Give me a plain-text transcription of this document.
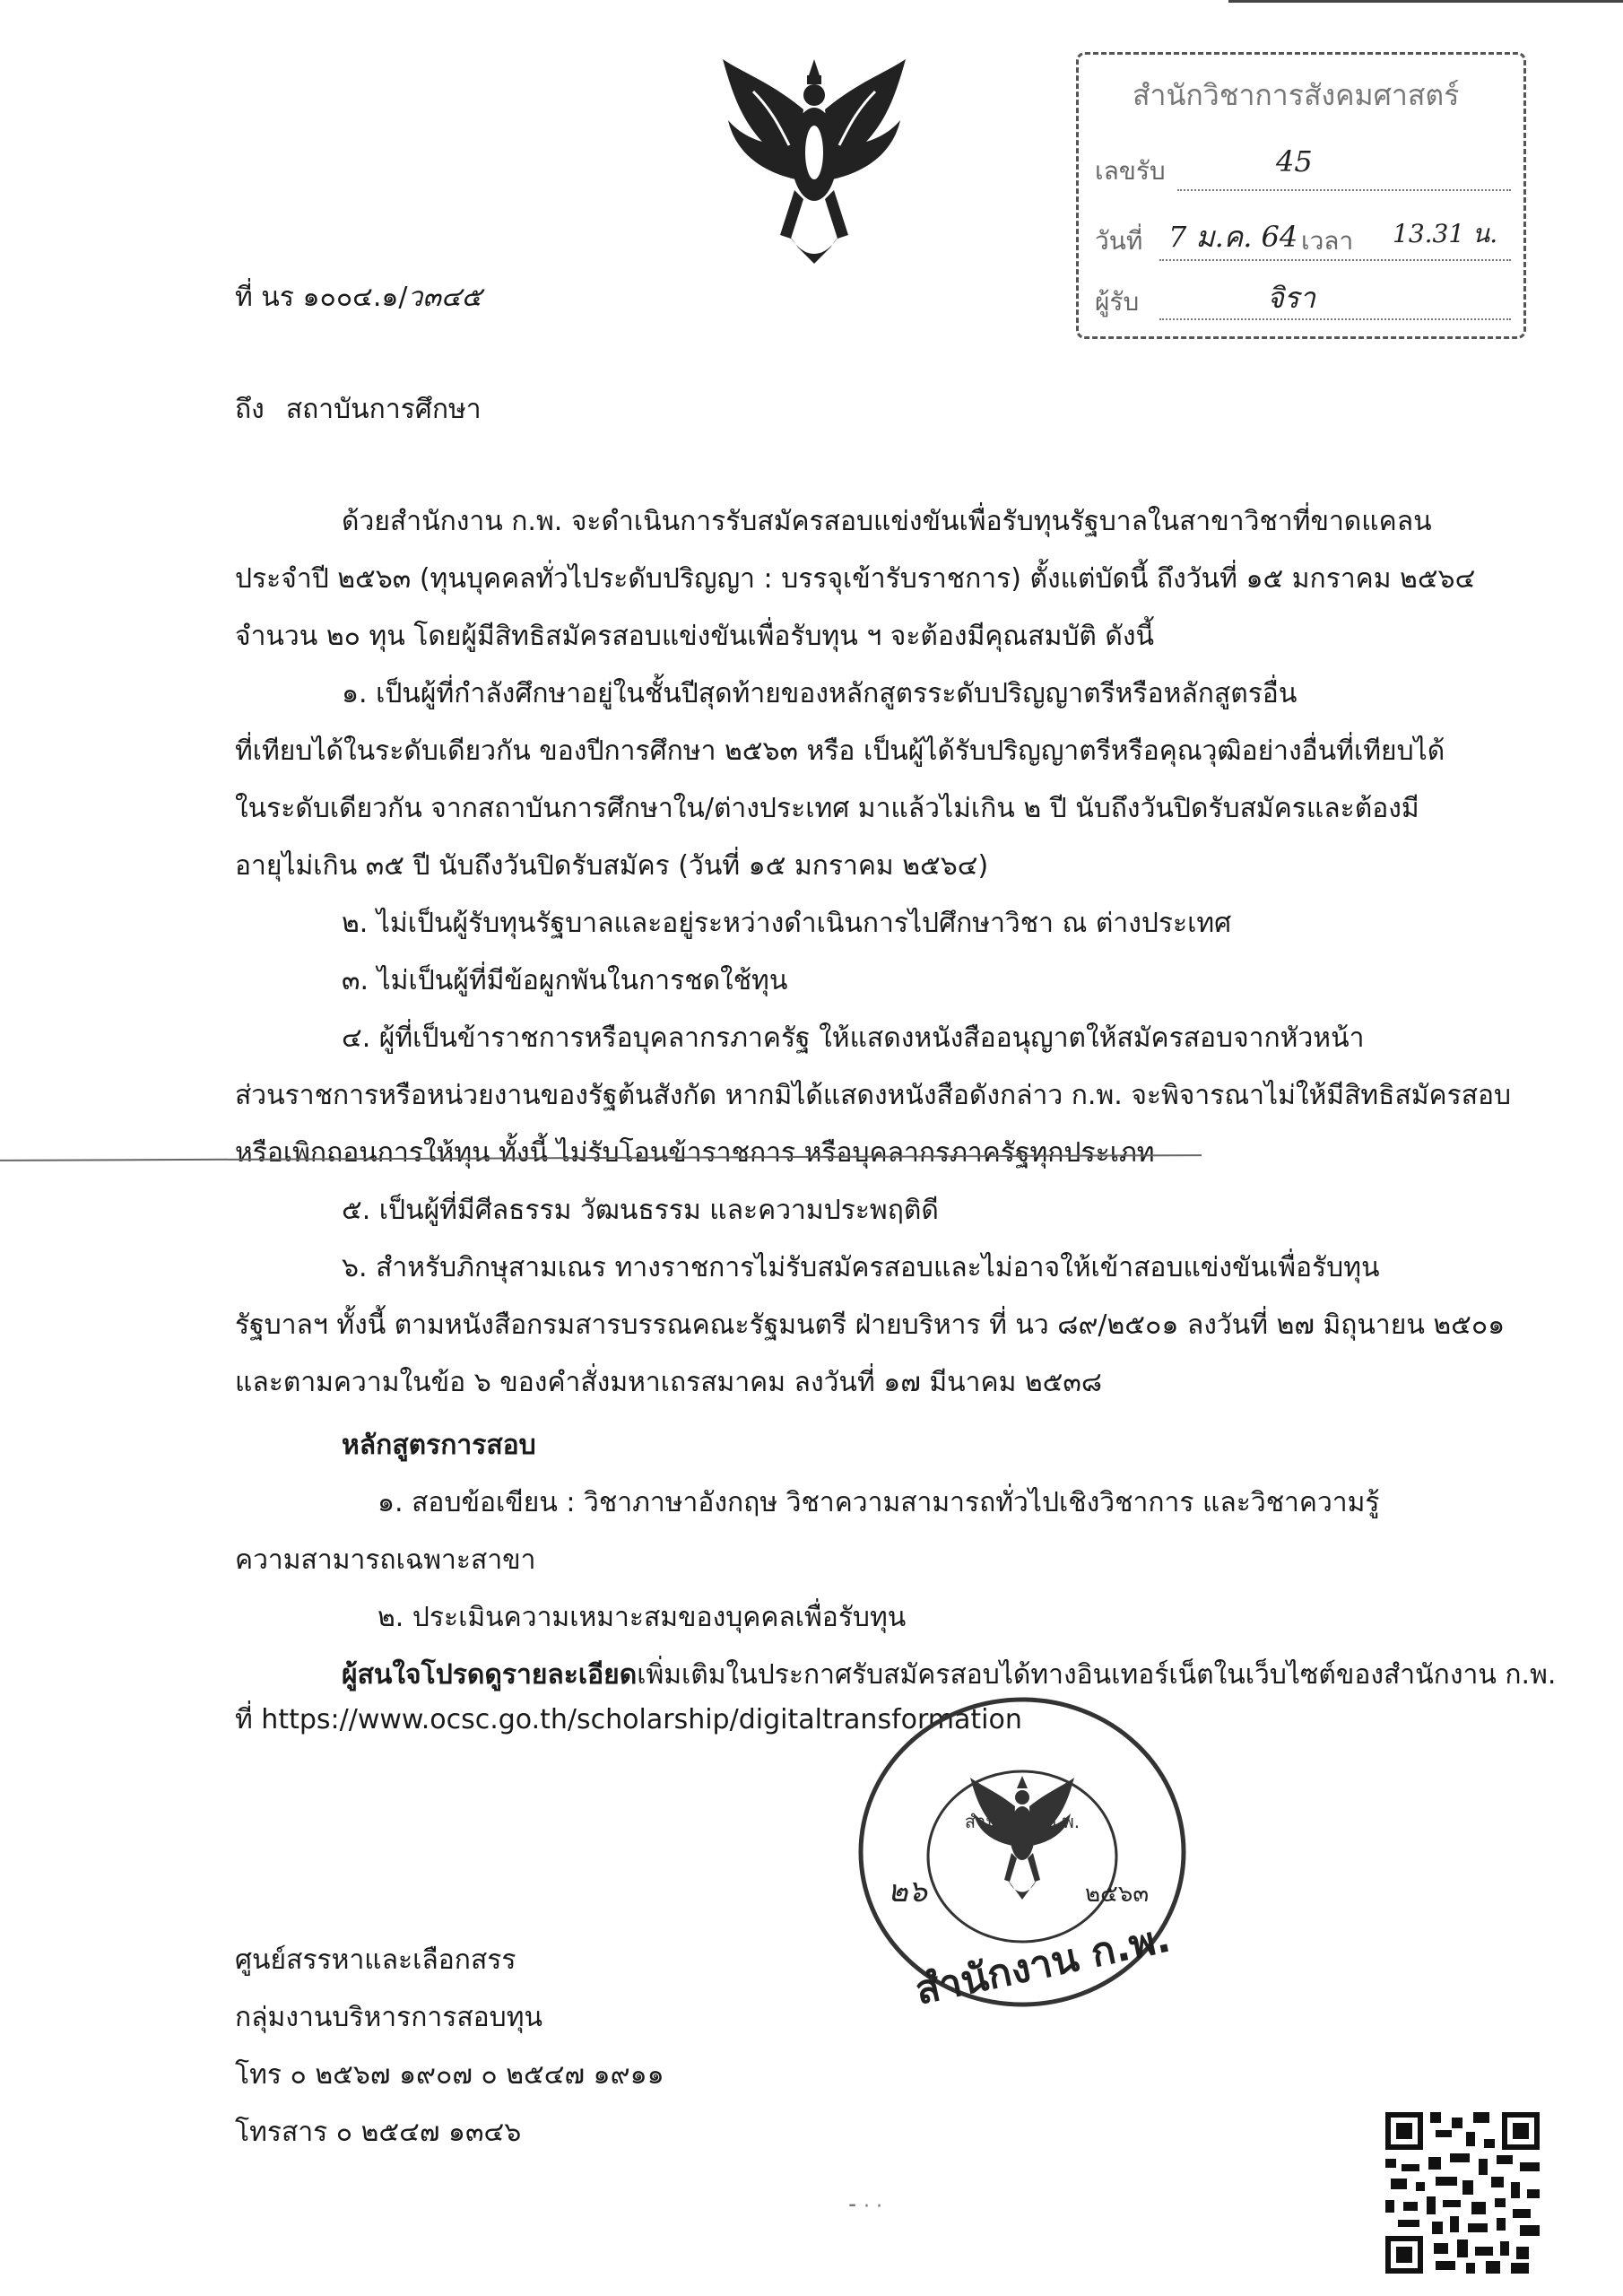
สำนักวิชาการสังคมศาสตร์
เลขรับ	45
วันที่ 7 ม.ค. 64 เวลา 13.31 น.
ผู้รับ	จิรา
ที่ นร ๑๐๐๔.๑/ว๓๔๕
ถึง สถาบันการศึกษา
ด้วยสำนักงาน ก.พ. จะดำเนินการรับสมัครสอบแข่งขันเพื่อรับทุนรัฐบาลในสาขาวิชาที่ขาดแคลน
ประจำปี ๒๕๖๓ (ทุนบุคคลทั่วไประดับปริญญา : บรรจุเข้ารับราชการ) ตั้งแต่บัดนี้ ถึงวันที่ ๑๕ มกราคม ๒๕๖๔
จำนวน ๒๐ ทุน โดยผู้มีสิทธิสมัครสอบแข่งขันเพื่อรับทุน ฯ จะต้องมีคุณสมบัติ ดังนี้
๑. เป็นผู้ที่กำลังศึกษาอยู่ในชั้นปีสุดท้ายของหลักสูตรระดับปริญญาตรีหรือหลักสูตรอื่น
ที่เทียบได้ในระดับเดียวกัน ของปีการศึกษา ๒๕๖๓ หรือ เป็นผู้ได้รับปริญญาตรีหรือคุณวุฒิอย่างอื่นที่เทียบได้
ในระดับเดียวกัน จากสถาบันการศึกษาใน/ต่างประเทศ มาแล้วไม่เกิน ๒ ปี นับถึงวันปิดรับสมัครและต้องมี
อายุไม่เกิน ๓๕ ปี นับถึงวันปิดรับสมัคร (วันที่ ๑๕ มกราคม ๒๕๖๔)
๒. ไม่เป็นผู้รับทุนรัฐบาลและอยู่ระหว่างดำเนินการไปศึกษาวิชา ณ ต่างประเทศ
๓. ไม่เป็นผู้ที่มีข้อผูกพันในการชดใช้ทุน
๔. ผู้ที่เป็นข้าราชการหรือบุคลากรภาครัฐ ให้แสดงหนังสืออนุญาตให้สมัครสอบจากหัวหน้า
ส่วนราชการหรือหน่วยงานของรัฐต้นสังกัด หากมิได้แสดงหนังสือดังกล่าว ก.พ. จะพิจารณาไม่ให้มีสิทธิสมัครสอบ
หรือเพิกถอนการให้ทุน ทั้งนี้ ไม่รับโอนข้าราชการ หรือบุคลากรภาครัฐทุกประเภท
๕. เป็นผู้ที่มีศีลธรรม วัฒนธรรม และความประพฤติดี
๖. สำหรับภิกษุสามเณร ทางราชการไม่รับสมัครสอบและไม่อาจให้เข้าสอบแข่งขันเพื่อรับทุน
รัฐบาลฯ ทั้งนี้ ตามหนังสือกรมสารบรรณคณะรัฐมนตรี ฝ่ายบริหาร ที่ นว ๘๙/๒๕๐๑ ลงวันที่ ๒๗ มิถุนายน ๒๕๐๑
และตามความในข้อ ๖ ของคำสั่งมหาเถรสมาคม ลงวันที่ ๑๗ มีนาคม ๒๕๓๘
หลักสูตรการสอบ
๑. สอบข้อเขียน : วิชาภาษาอังกฤษ วิชาความสามารถทั่วไปเชิงวิชาการ และวิชาความรู้
ความสามารถเฉพาะสาขา
๒. ประเมินความเหมาะสมของบุคคลเพื่อรับทุน
ผู้สนใจโปรดดูรายละเอียดเพิ่มเติมในประกาศรับสมัครสอบได้ทางอินเทอร์เน็ตในเว็บไซต์ของสำนักงาน ก.พ.
ที่ https://www.ocsc.go.th/scholarship/digitaltransformation
สำนักงาน ก.พ.
๒๖	๒๕๖๓
สำนักงาน ก.พ.
ศูนย์สรรหาและเลือกสรร
กลุ่มงานบริหารการสอบทุน
โทร ๐ ๒๕๖๗ ๑๙๐๗ ๐ ๒๕๔๗ ๑๙๑๑
โทรสาร ๐ ๒๕๔๗ ๑๓๔๖
⁃ · ·
